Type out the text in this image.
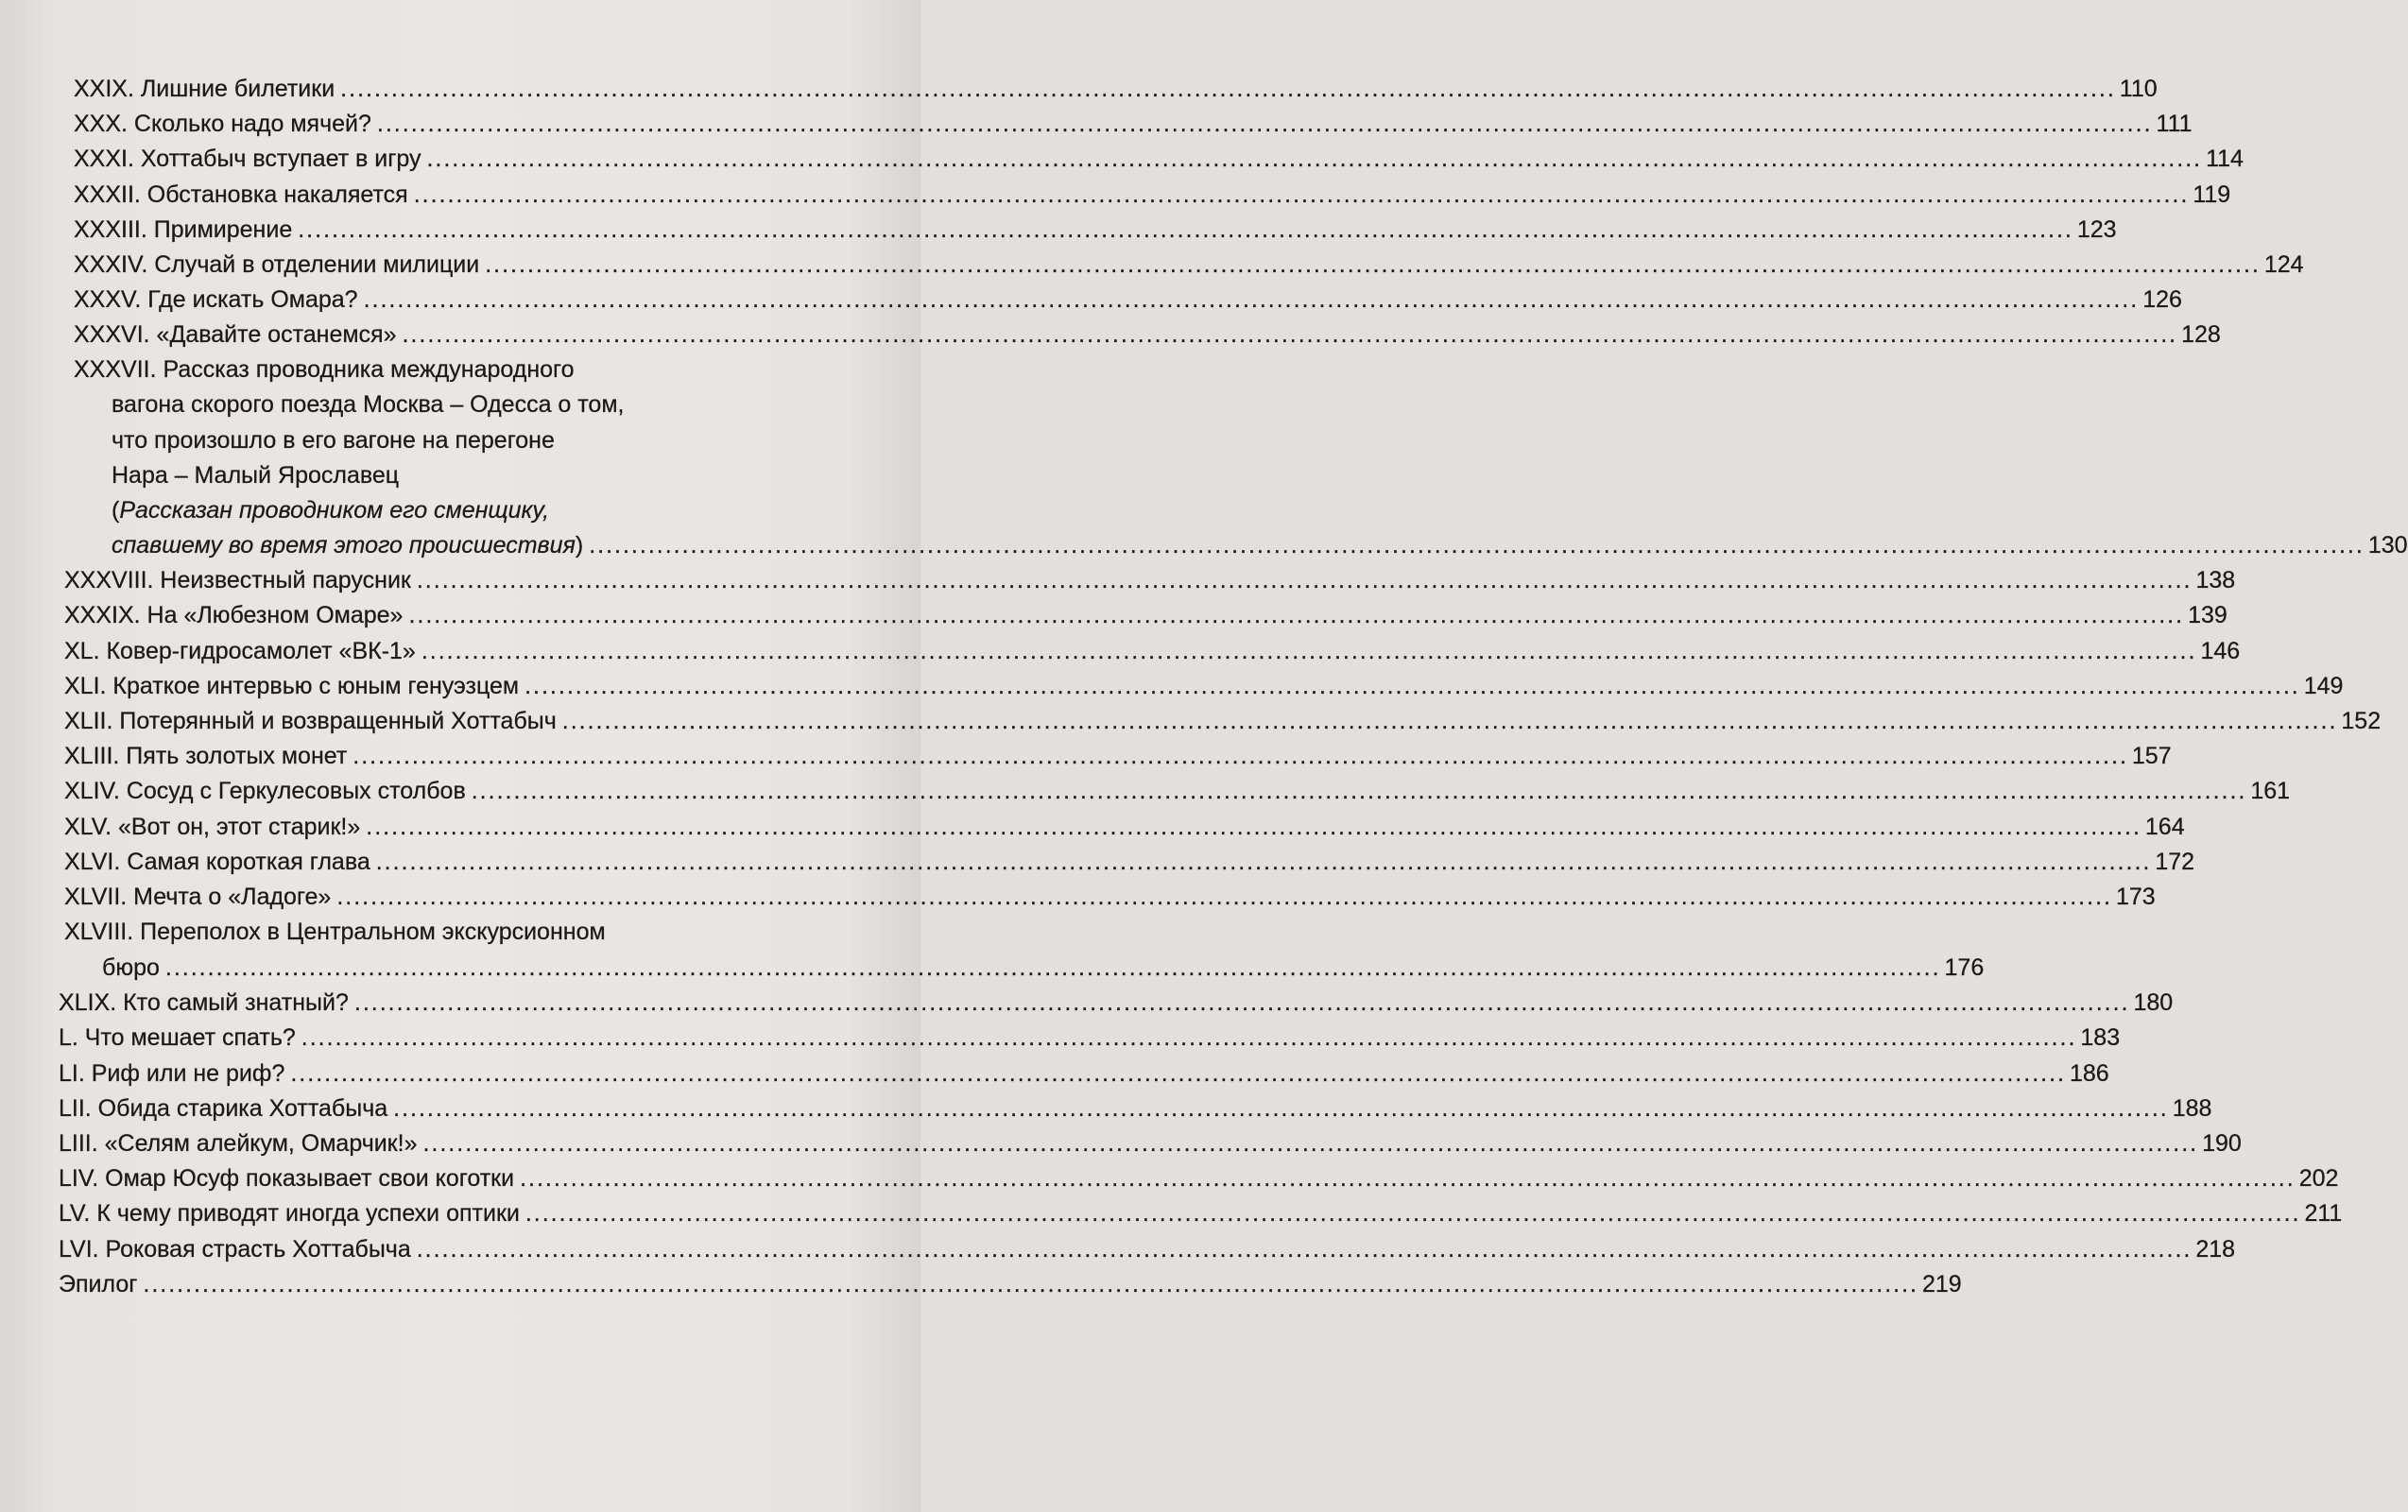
XXIX. Лишние билетики .....	110
XXX. Сколько надо мячей? .....	111
XXXI. Хоттабыч вступает в игру .....	114
XXXII. Обстановка накаляется .....	119
XXXIII. Примирение .....	123
XXXIV. Случай в отделении милиции .....	124
XXXV. Где искать Омара? .....	126
XXXVI. «Давайте останемся» .....	128
XXXVII. Рассказ проводника международного
вагона скорого поезда Москва – Одесса о том,
что произошло в его вагоне на перегоне
Нара – Малый Ярославец
(Рассказан проводником его сменщику,
спавшему во время этого происшествия) .....	130
XXXVIII. Неизвестный парусник .....	138
XXXIX. На «Любезном Омаре» .....	139
XL. Ковер-гидросамолет «ВК-1» .....	146
XLI. Краткое интервью с юным генуэзцем .....	149
XLII. Потерянный и возвращенный Хоттабыч .....	152
XLIII. Пять золотых монет .....	157
XLIV. Сосуд с Геркулесовых столбов .....	161
XLV. «Вот он, этот старик!» .....	164
XLVI. Самая короткая глава .....	172
XLVII. Мечта о «Ладоге» .....	173
XLVIII. Переполох в Центральном экскурсионном
бюро .....	176
XLIX. Кто самый знатный? .....	180
L. Что мешает спать? .....	183
LI. Риф или не риф? .....	186
LII. Обида старика Хоттабыча .....	188
LIII. «Селям алейкум, Омарчик!» .....	190
LIV. Омар Юсуф показывает свои коготки .....	202
LV. К чему приводят иногда успехи оптики .....	211
LVI. Роковая страсть Хоттабыча .....	218
Эпилог .....	219
